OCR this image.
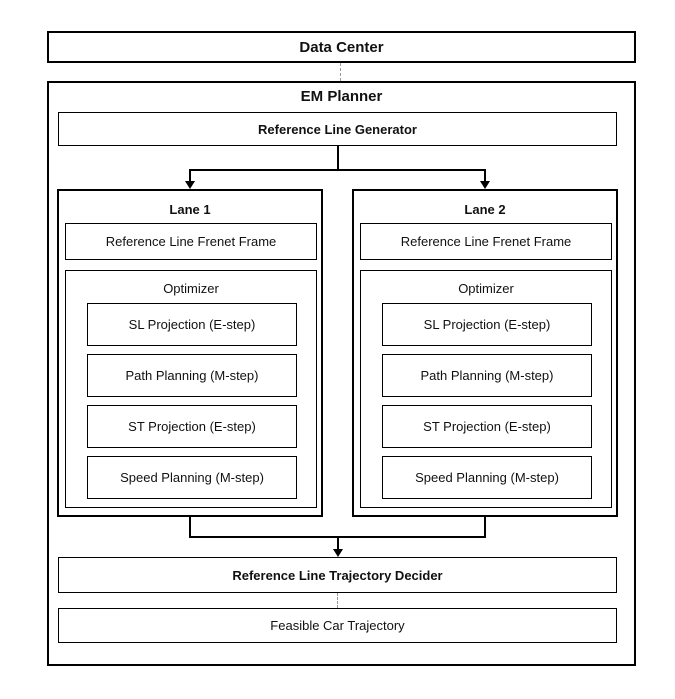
Data Center
EM Planner
Reference Line Generator
Lane 1
Reference Line Frenet Frame
Optimizer
SL Projection (E-step)
Path Planning (M-step)
ST Projection (E-step)
Speed Planning (M-step)
Lane 2
Reference Line Frenet Frame
Optimizer
SL Projection (E-step)
Path Planning (M-step)
ST Projection (E-step)
Speed Planning (M-step)
Reference Line Trajectory Decider
Feasible Car Trajectory
